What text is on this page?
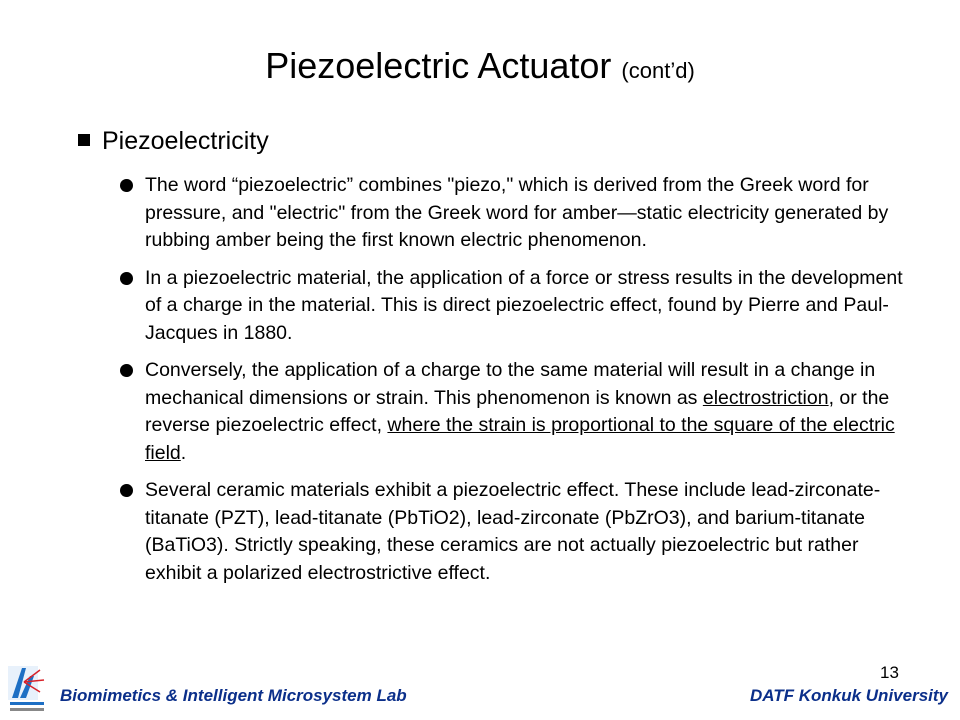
Piezoelectric Actuator (cont’d)
Piezoelectricity
The word “piezoelectric” combines "piezo," which is derived from the Greek word for pressure, and "electric" from the Greek word for amber—static electricity generated by rubbing amber being the first known electric phenomenon.
In a piezoelectric material, the application of a force or stress results in the development of a charge in the material. This is direct piezoelectric effect, found by Pierre and Paul-Jacques in 1880.
Conversely, the application of a charge to the same material will result in a change in mechanical dimensions or strain. This phenomenon is known as electrostriction, or the reverse piezoelectric effect, where the strain is proportional to the square of the electric field.
Several ceramic materials exhibit a piezoelectric effect. These include lead-zirconate-titanate (PZT), lead-titanate (PbTiO2), lead-zirconate (PbZrO3), and barium-titanate (BaTiO3). Strictly speaking, these ceramics are not actually piezoelectric but rather exhibit a polarized electrostrictive effect.
13
Biomimetics & Intelligent Microsystem Lab	DATF Konkuk University
